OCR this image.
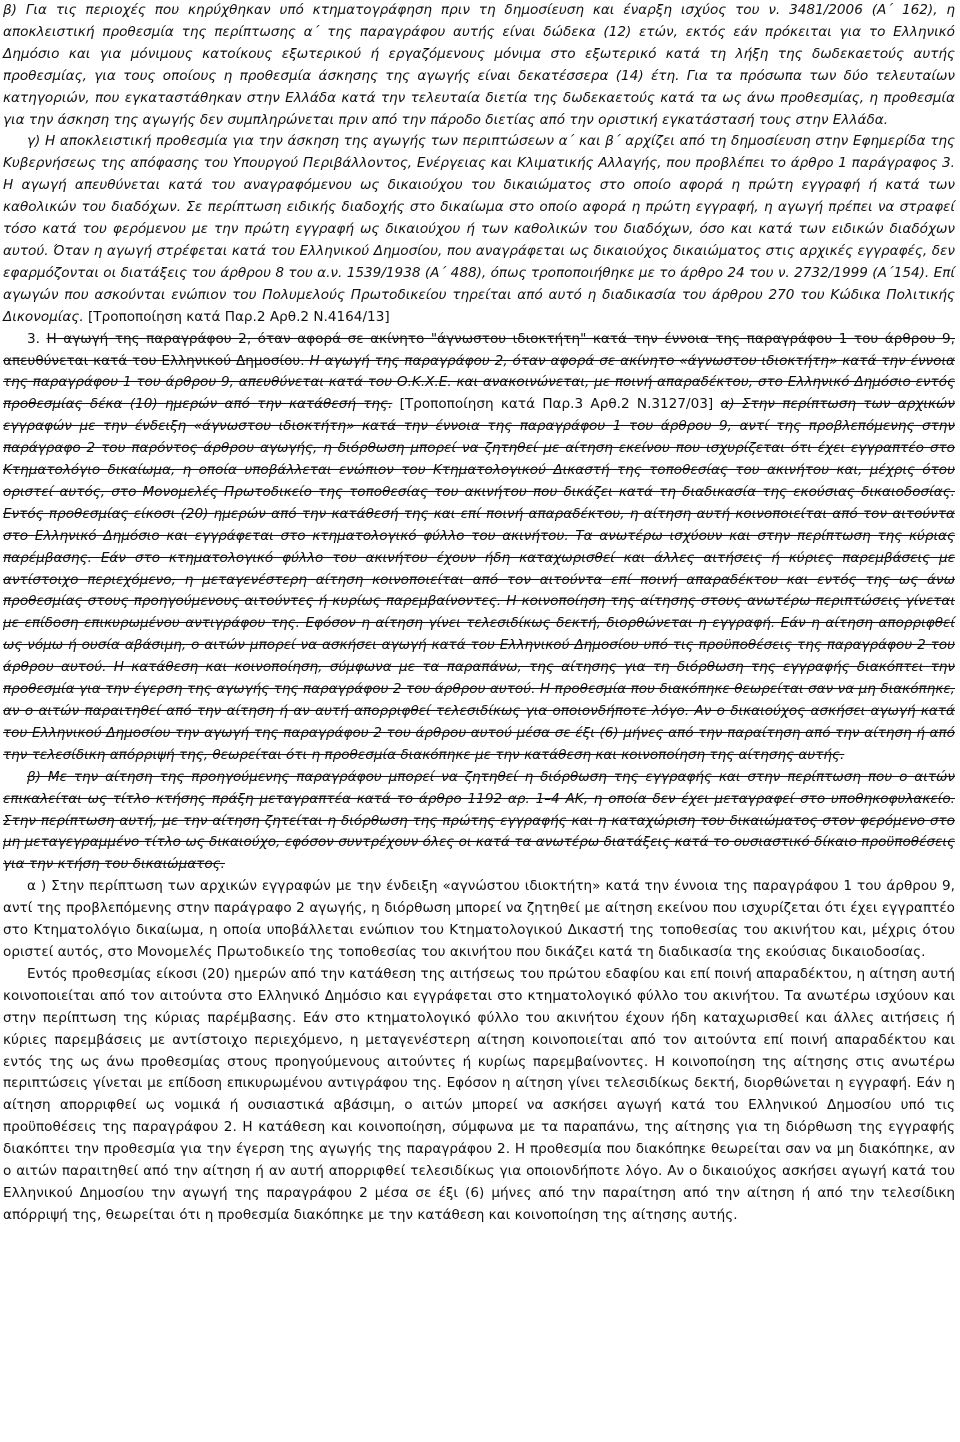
β) Για τις περιοχές που κηρύχθηκαν υπό κτηματογράφηση πριν τη δημοσίευση και έναρξη ισχύος του ν. 3481/2006 (Α΄ 162), η αποκλειστική προθεσμία της περίπτωσης α΄ της παραγράφου αυτής είναι δώδεκα (12) ετών, εκτός εάν πρόκειται για το Ελληνικό Δημόσιο και για μόνιμους κατοίκους εξωτερικού ή εργαζόμενους μόνιμα στο εξωτερικό κατά τη λήξη της δωδεκαετούς αυτής προθεσμίας, για τους οποίους η προθεσμία άσκησης της αγωγής είναι δεκατέσσερα (14) έτη. Για τα πρόσωπα των δύο τελευταίων κατηγοριών, που εγκαταστάθηκαν στην Ελλάδα κατά την τελευταία διετία της δωδεκαετούς κατά τα ως άνω προθεσμίας, η προθεσμία για την άσκηση της αγωγής δεν συμπληρώνεται πριν από την πάροδο διετίας από την οριστική εγκατάστασή τους στην Ελλάδα.

γ) Η αποκλειστική προθεσμία για την άσκηση της αγωγής των περιπτώσεων α΄ και β΄ αρχίζει από τη δημοσίευση στην Εφημερίδα της Κυβερνήσεως της απόφασης του Υπουργού Περιβάλλοντος, Ενέργειας και Κλιματικής Αλλαγής, που προβλέπει το άρθρο 1 παράγραφος 3. Η αγωγή απευθύνεται κατά του αναγραφόμενου ως δικαιούχου του δικαιώματος στο οποίο αφορά η πρώτη εγγραφή ή κατά των καθολικών του διαδόχων. Σε περίπτωση ειδικής διαδοχής στο δικαίωμα στο οποίο αφορά η πρώτη εγγραφή, η αγωγή πρέπει να στραφεί τόσο κατά του φερόμενου με την πρώτη εγγραφή ως δικαιούχου ή των καθολικών του διαδόχων, όσο και κατά των ειδικών διαδόχων αυτού. Όταν η αγωγή στρέφεται κατά του Ελληνικού Δημοσίου, που αναγράφεται ως δικαιούχος δικαιώματος στις αρχικές εγγραφές, δεν εφαρμόζονται οι διατάξεις του άρθρου 8 του α.ν. 1539/1938 (Α΄ 488), όπως τροποποιήθηκε με το άρθρο 24 του ν. 2732/1999 (Α΄154). Επί αγωγών που ασκούνται ενώπιον του Πολυμελούς Πρωτοδικείου τηρείται από αυτό η διαδικασία του άρθρου 270 του Κώδικα Πολιτικής Δικονομίας. [Τροποποίηση κατά Παρ.2 Αρθ.2 Ν.4164/13]

3. Η αγωγή της παραγράφου 2, όταν αφορά σε ακίνητο "άγνωστου ιδιοκτήτη" κατά την έννοια της παραγράφου 1 του άρθρου 9, απευθύνεται κατά του Ελληνικού Δημοσίου. Η αγωγή της παραγράφου 2, όταν αφορά σε ακίνητο «άγνωστου ιδιοκτήτη» κατά την έννοια της παραγράφου 1 του άρθρου 9, απευθύνεται κατά του Ο.Κ.Χ.Ε. και ανακοινώνεται, με ποινή απαραδέκτου, στο Ελληνικό Δημόσιο εντός προθεσμίας δέκα (10) ημερών από την κατάθεσή της. [Τροποποίηση κατά Παρ.3 Αρθ.2 Ν.3127/03] α) Στην περίπτωση των αρχικών εγγραφών με την ένδειξη «άγνωστου ιδιοκτήτη» κατά την έννοια της παραγράφου 1 του άρθρου 9, αντί της προβλεπόμενης στην παράγραφο 2 του παρόντος άρθρου αγωγής, η διόρθωση μπορεί να ζητηθεί με αίτηση εκείνου που ισχυρίζεται ότι έχει εγγραπτέο στο Κτηματολόγιο δικαίωμα, η οποία υποβάλλεται ενώπιον του Κτηματολογικού Δικαστή της τοποθεσίας του ακινήτου και, μέχρις ότου οριστεί αυτός, στο Μονομελές Πρωτοδικείο της τοποθεσίας του ακινήτου που δικάζει κατά τη διαδικασία της εκούσιας δικαιοδοσίας. Εντός προθεσμίας είκοσι (20) ημερών από την κατάθεσή της και επί ποινή απαραδέκτου, η αίτηση αυτή κοινοποιείται από τον αιτούντα στο Ελληνικό Δημόσιο και εγγράφεται στο κτηματολογικό φύλλο του ακινήτου. Τα ανωτέρω ισχύουν και στην περίπτωση της κύριας παρέμβασης. Εάν στο κτηματολογικό φύλλο του ακινήτου έχουν ήδη καταχωρισθεί και άλλες αιτήσεις ή κύριες παρεμβάσεις με αντίστοιχο περιεχόμενο, η μεταγενέστερη αίτηση κοινοποιείται από τον αιτούντα επί ποινή απαραδέκτου και εντός της ως άνω προθεσμίας στους προηγούμενους αιτούντες ή κυρίως παρεμβαίνοντες. Η κοινοποίηση της αίτησης στους ανωτέρω περιπτώσεις γίνεται με επίδοση επικυρωμένου αντιγράφου της. Εφόσον η αίτηση γίνει τελεσιδίκως δεκτή, διορθώνεται η εγγραφή. Εάν η αίτηση απορριφθεί ως νόμω ή ουσία αβάσιμη, ο αιτών μπορεί να ασκήσει αγωγή κατά του Ελληνικού Δημοσίου υπό τις προϋποθέσεις της παραγράφου 2 του άρθρου αυτού. Η κατάθεση και κοινοποίηση, σύμφωνα με τα παραπάνω, της αίτησης για τη διόρθωση της εγγραφής διακόπτει την προθεσμία για την έγερση της αγωγής της παραγράφου 2 του άρθρου αυτού. Η προθεσμία που διακόπηκε θεωρείται σαν να μη διακόπηκε, αν ο αιτών παραιτηθεί από την αίτηση ή αν αυτή απορριφθεί τελεσιδίκως για οποιονδήποτε λόγο. Αν ο δικαιούχος ασκήσει αγωγή κατά του Ελληνικού Δημοσίου την αγωγή της παραγράφου 2 του άρθρου αυτού μέσα σε έξι (6) μήνες από την παραίτηση από την αίτηση ή από την τελεσίδικη απόρριψή της, θεωρείται ότι η προθεσμία διακόπηκε με την κατάθεση και κοινοποίηση της αίτησης αυτής.

β) Με την αίτηση της προηγούμενης παραγράφου μπορεί να ζητηθεί η διόρθωση της εγγραφής και στην περίπτωση που ο αιτών επικαλείται ως τίτλο κτήσης πράξη μεταγραπτέα κατά το άρθρο 1192 αρ. 1–4 ΑΚ, η οποία δεν έχει μεταγραφεί στο υποθηκοφυλακείο. Στην περίπτωση αυτή, με την αίτηση ζητείται η διόρθωση της πρώτης εγγραφής και η καταχώριση του δικαιώματος στον φερόμενο στο μη μεταγεγραμμένο τίτλο ως δικαιούχο, εφόσον συντρέχουν όλες οι κατά τα ανωτέρω διατάξεις κατά το ουσιαστικό δίκαιο προϋποθέσεις για την κτήση του δικαιώματος.

α ) Στην περίπτωση των αρχικών εγγραφών με την ένδειξη «αγνώστου ιδιοκτήτη» κατά την έννοια της παραγράφου 1 του άρθρου 9, αντί της προβλεπόμενης στην παράγραφο 2 αγωγής, η διόρθωση μπορεί να ζητηθεί με αίτηση εκείνου που ισχυρίζεται ότι έχει εγγραπτέο στο Κτηματολόγιο δικαίωμα, η οποία υποβάλλεται ενώπιον του Κτηματολογικού Δικαστή της τοποθεσίας του ακινήτου και, μέχρις ότου οριστεί αυτός, στο Μονομελές Πρωτοδικείο της τοποθεσίας του ακινήτου που δικάζει κατά τη διαδικασία της εκούσιας δικαιοδοσίας.

Εντός προθεσμίας είκοσι (20) ημερών από την κατάθεση της αιτήσεως του πρώτου εδαφίου και επί ποινή απαραδέκτου, η αίτηση αυτή κοινοποιείται από τον αιτούντα στο Ελληνικό Δημόσιο και εγγράφεται στο κτηματολογικό φύλλο του ακινήτου. Τα ανωτέρω ισχύουν και στην περίπτωση της κύριας παρέμβασης. Εάν στο κτηματολογικό φύλλο του ακινήτου έχουν ήδη καταχωρισθεί και άλλες αιτήσεις ή κύριες παρεμβάσεις με αντίστοιχο περιεχόμενο, η μεταγενέστερη αίτηση κοινοποιείται από τον αιτούντα επί ποινή απαραδέκτου και εντός της ως άνω προθεσμίας στους προηγούμενους αιτούντες ή κυρίως παρεμβαίνοντες. Η κοινοποίηση της αίτησης στις ανωτέρω περιπτώσεις γίνεται με επίδοση επικυρωμένου αντιγράφου της. Εφόσον η αίτηση γίνει τελεσιδίκως δεκτή, διορθώνεται η εγγραφή. Εάν η αίτηση απορριφθεί ως νομικά ή ουσιαστικά αβάσιμη, ο αιτών μπορεί να ασκήσει αγωγή κατά του Ελληνικού Δημοσίου υπό τις προϋποθέσεις της παραγράφου 2. Η κατάθεση και κοινοποίηση, σύμφωνα με τα παραπάνω, της αίτησης για τη διόρθωση της εγγραφής διακόπτει την προθεσμία για την έγερση της αγωγής της παραγράφου 2. Η προθεσμία που διακόπηκε θεωρείται σαν να μη διακόπηκε, αν ο αιτών παραιτηθεί από την αίτηση ή αν αυτή απορριφθεί τελεσιδίκως για οποιονδήποτε λόγο. Αν ο δικαιούχος ασκήσει αγωγή κατά του Ελληνικού Δημοσίου την αγωγή της παραγράφου 2 μέσα σε έξι (6) μήνες από την παραίτηση από την αίτηση ή από την τελεσίδικη απόρριψή της, θεωρείται ότι η προθεσμία διακόπηκε με την κατάθεση και κοινοποίηση της αίτησης αυτής.
